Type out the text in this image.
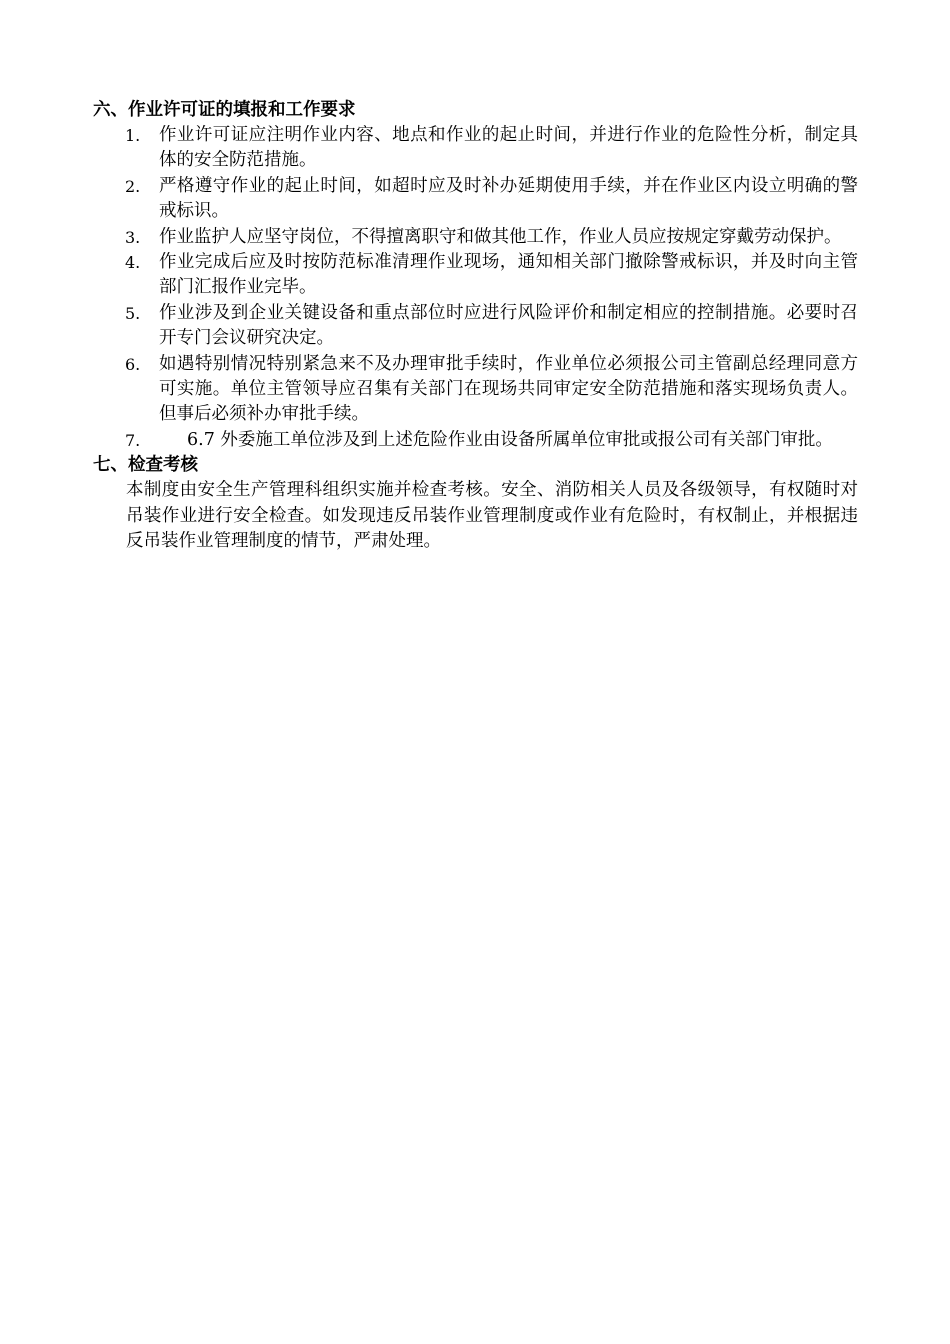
六、作业许可证的填报和工作要求
1. 作业许可证应注明作业内容、地点和作业的起止时间，并进行作业的危险性分析，制定具体的安全防范措施。
2. 严格遵守作业的起止时间，如超时应及时补办延期使用手续，并在作业区内设立明确的警戒标识。
3. 作业监护人应坚守岗位，不得擅离职守和做其他工作，作业人员应按规定穿戴劳动保护。
4. 作业完成后应及时按防范标准清理作业现场，通知相关部门撤除警戒标识，并及时向主管部门汇报作业完毕。
5. 作业涉及到企业关键设备和重点部位时应进行风险评价和制定相应的控制措施。必要时召开专门会议研究决定。
6. 如遇特别情况特别紧急来不及办理审批手续时，作业单位必须报公司主管副总经理同意方可实施。单位主管领导应召集有关部门在现场共同审定安全防范措施和落实现场负责人。但事后必须补办审批手续。
7.	6.7 外委施工单位涉及到上述危险作业由设备所属单位审批或报公司有关部门审批。
七、检查考核
本制度由安全生产管理科组织实施并检查考核。安全、消防相关人员及各级领导，有权随时对吊装作业进行安全检查。如发现违反吊装作业管理制度或作业有危险时，有权制止，并根据违反吊装作业管理制度的情节，严肃处理。
